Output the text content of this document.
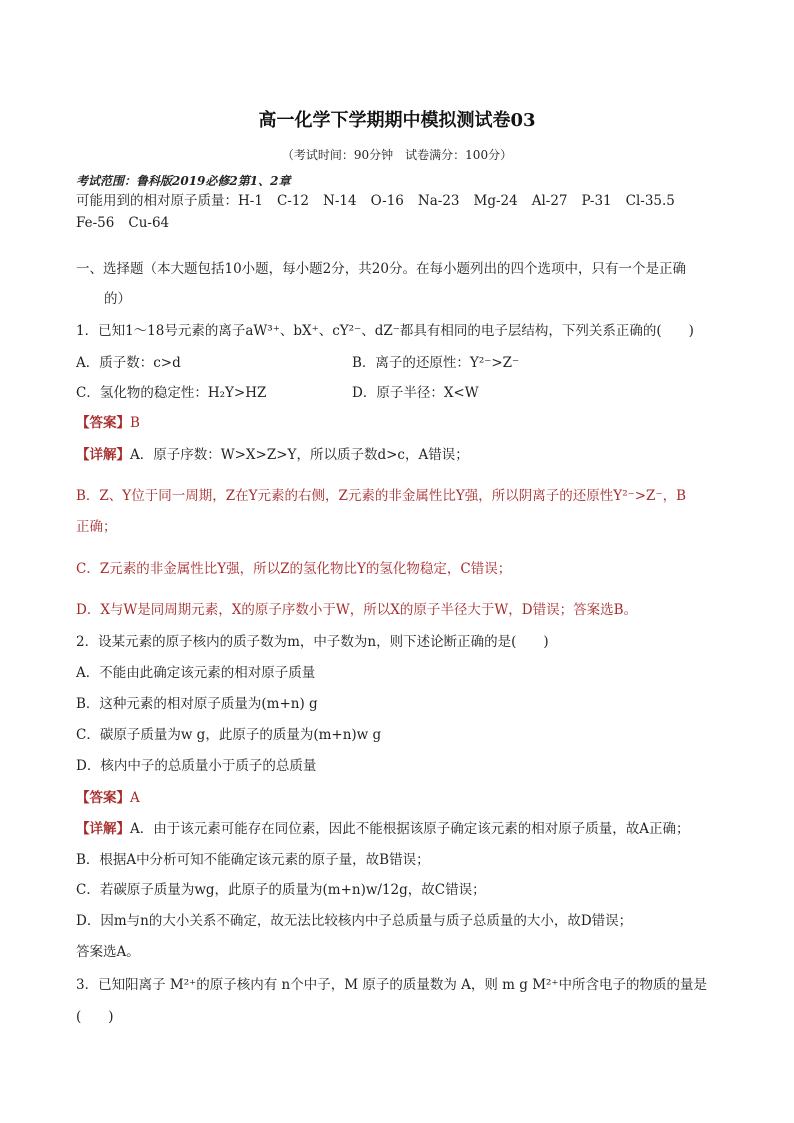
高一化学下学期期中模拟测试卷03
（考试时间：90分钟　试卷满分：100分）
考试范围：鲁科版2019必修2第1、2章
可能用到的相对原子质量：H-1 C-12 N-14 O-16 Na-23 Mg-24 Al-27 P-31 Cl-35.5
Fe-56 Cu-64
一、选择题（本大题包括10小题，每小题2分，共20分。在每小题列出的四个选项中，只有一个是正确
的）
1．已知1～18号元素的离子aW³⁺、bX⁺、cY²⁻、dZ⁻都具有相同的电子层结构，下列关系正确的(　　)
A．质子数：c>d	B．离子的还原性：Y²⁻>Z⁻
C．氢化物的稳定性：H₂Y>HZ	D．原子半径：X<W
【答案】B
【详解】A．原子序数：W>X>Z>Y，所以质子数d>c，A错误；
B．Z、Y位于同一周期，Z在Y元素的右侧，Z元素的非金属性比Y强，所以阴离子的还原性Y²⁻>Z⁻，B
正确；
C．Z元素的非金属性比Y强，所以Z的氢化物比Y的氢化物稳定，C错误；
D．X与W是同周期元素，X的原子序数小于W，所以X的原子半径大于W，D错误；答案选B。
2．设某元素的原子核内的质子数为m，中子数为n，则下述论断正确的是(　　)
A．不能由此确定该元素的相对原子质量
B．这种元素的相对原子质量为(m+n) g
C．碳原子质量为w g，此原子的质量为(m+n)w g
D．核内中子的总质量小于质子的总质量
【答案】A
【详解】A．由于该元素可能存在同位素，因此不能根据该原子确定该元素的相对原子质量，故A正确；
B．根据A中分析可知不能确定该元素的原子量，故B错误；
C．若碳原子质量为wg，此原子的质量为(m+n)w/12g，故C错误；
D．因m与n的大小关系不确定，故无法比较核内中子总质量与质子总质量的大小，故D错误；
答案选A。
3．已知阳离子 M²⁺的原子核内有 n个中子，M 原子的质量数为 A，则 m g M²⁺中所含电子的物质的量是
(　　)
